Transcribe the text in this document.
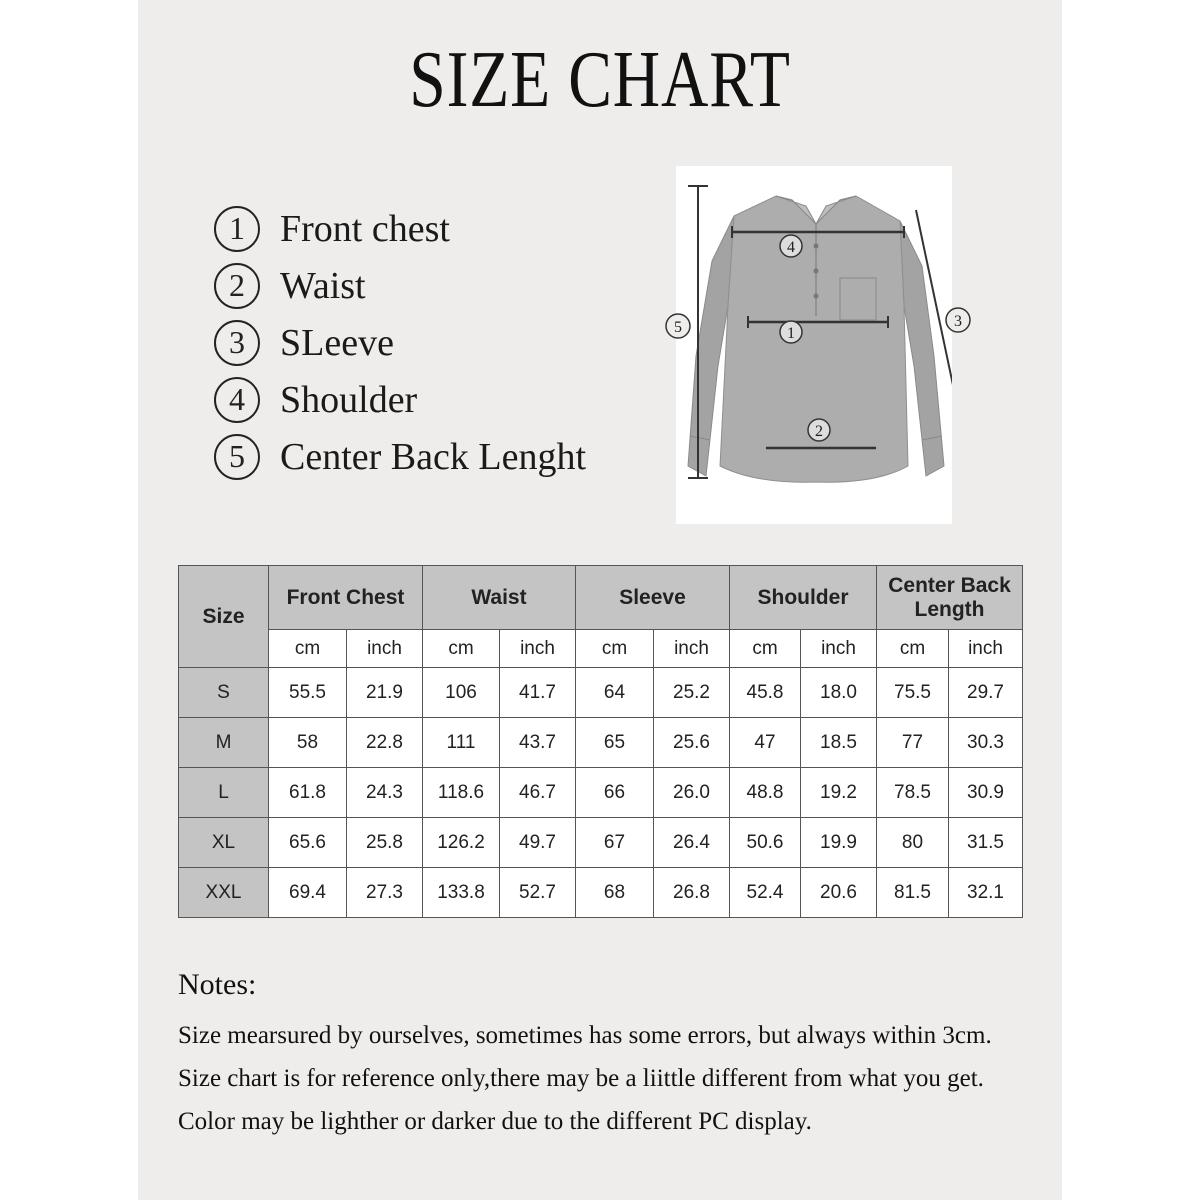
SIZE CHART
1 Front chest
2 Waist
3 SLeeve
4 Shoulder
5 Center Back Lenght
4
1
2
5	3
Size	Front Chest		Waist		Sleeve		Shoulder		Center Back Length	
	cm	inch	cm	inch	cm	inch	cm	inch	cm	inch
S	55.5	21.9	106	41.7	64	25.2	45.8	18.0	75.5	29.7
M	58	22.8	111	43.7	65	25.6	47	18.5	77	30.3
L	61.8	24.3	118.6	46.7	66	26.0	48.8	19.2	78.5	30.9
XL	65.6	25.8	126.2	49.7	67	26.4	50.6	19.9	80	31.5
XXL	69.4	27.3	133.8	52.7	68	26.8	52.4	20.6	81.5	32.1
Notes:
Size mearsured by ourselves, sometimes has some errors, but always within 3cm.
Size chart is for reference only,there may be a liittle different from what you get.
Color may be lighther or darker due to the different PC display.
